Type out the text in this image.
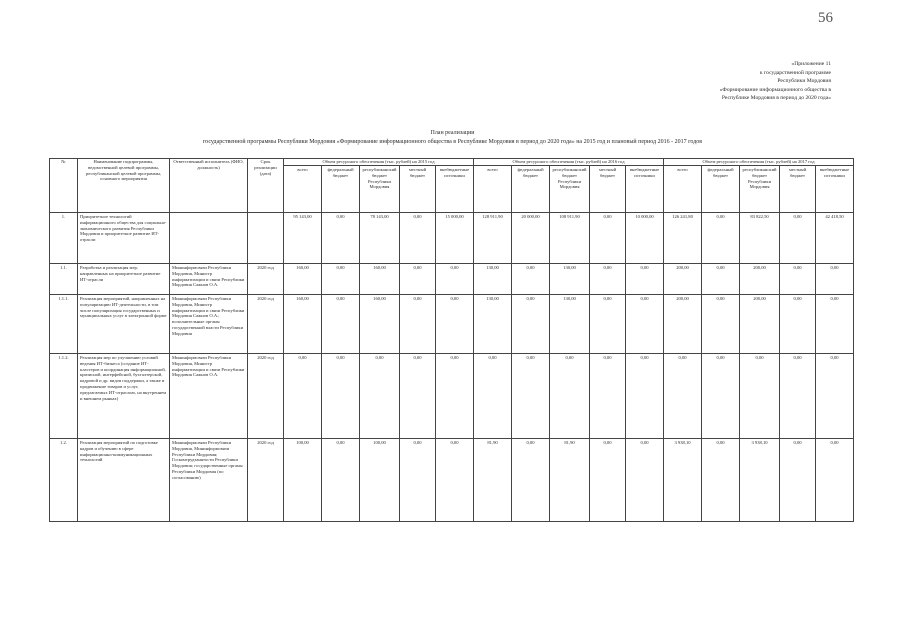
56
«Приложение 11
к государственной программе
Республики Мордовия
«Формирование информационного общества в
Республике Мордовия в период до 2020 года»
План реализации
государственной программы Республики Мордовия «Формирование информационного общества в Республике Мордовия в период до 2020 года» на 2015 год и плановый период 2016 - 2017 годов
№	Наименование подпрограммы, ведомственной целевой программы, республиканской целевой программы, основного мероприятия	Ответственный исполнитель (ФИО, должность)	Срок реализации (дата)	Объем ресурсного обеспечения (тыс. рублей) на 2015 год					Объем ресурсного обеспечения (тыс. рублей) на 2016 год					Объем ресурсного обеспечения (тыс. рублей) на 2017 год				
				всего	федеральный бюджет	республиканский бюджет Республики Мордовия	местный бюджет	внебюджетные источники	всего	федеральный бюджет	республиканский бюджет Республики Мордовия	местный бюджет	внебюджетные источники	всего	федеральный бюджет	республиканский бюджет Республики Мордовия	местный бюджет	внебюджетные источники
1.	Приоритетное технологий информационного общества для социально-экономического развития Республики Мордовия и приоритетное развитие ИТ-отрасли			95 143,00	0,00	78 143,00	0,00	15 000,00	128 911,90	20 000,00	108 911,90	0,00	10 000,00	126 241,80	0,00	83 822,50	0,00	42 418,50
1.1.	Разработка и реализация мер, направленных на приоритетное развитие ИТ-отрасли	Мининформсвязи Республики Мордовия, Министр информатизации и связи Республики Мордовия Сажнов О.А.	2020 год	160,00	0,00	160,00	0,00	0,00	130,00	0,00	130,00	0,00	0,00	200,00	0,00	200,00	0,00	0,00
1.1.1.	Реализация мероприятий, направленных на популяризацию ИТ-деятельности, в том числе популяризация государственных и муниципальных услуг в электронной форме	Мининформсвязи Республики Мордовия, Министр информатизации и связи Республики Мордовия Сажнов О.А.; исполнительные органы государственной власти Республики Мордовия	2020 год	160,00	0,00	160,00	0,00	0,00	130,00	0,00	130,00	0,00	0,00	200,00	0,00	200,00	0,00	0,00
1.1.2.	Реализация мер по улучшению условий ведения ИТ-бизнеса (создание ИТ-кластеров и координация информационной, кризисной, интерфейсной, бухгалтерской, кадровой и др. видов поддержки, а также и продвижение товаров и услуг, предлагаемых ИТ-отраслью, на внутреннем и внешнем рынках)	Мининформсвязи Республики Мордовия, Министр информатизации и связи Республики Мордовия Сажнов О.А.	2020 год	0,00	0,00	0,00	0,00	0,00	0,00	0,00	0,00	0,00	0,00	0,00	0,00	0,00	0,00	0,00
1.2.	Реализация мероприятий по подготовке кадров и обучению в сфере информационно-коммуникационных технологий	Мининформсвязи Республики Мордовия, Мининформсвязи Республики Мордовия; Госкомтрудзанятости Республики Мордовия; государственные органы Республики Мордовия (по согласованию)	2020 год	100,00	0,00	100,00	0,00	0,00	81,90	0,00	81,90	0,00	0,00	3 938,10	0,00	3 938,10	0,00	0,00
